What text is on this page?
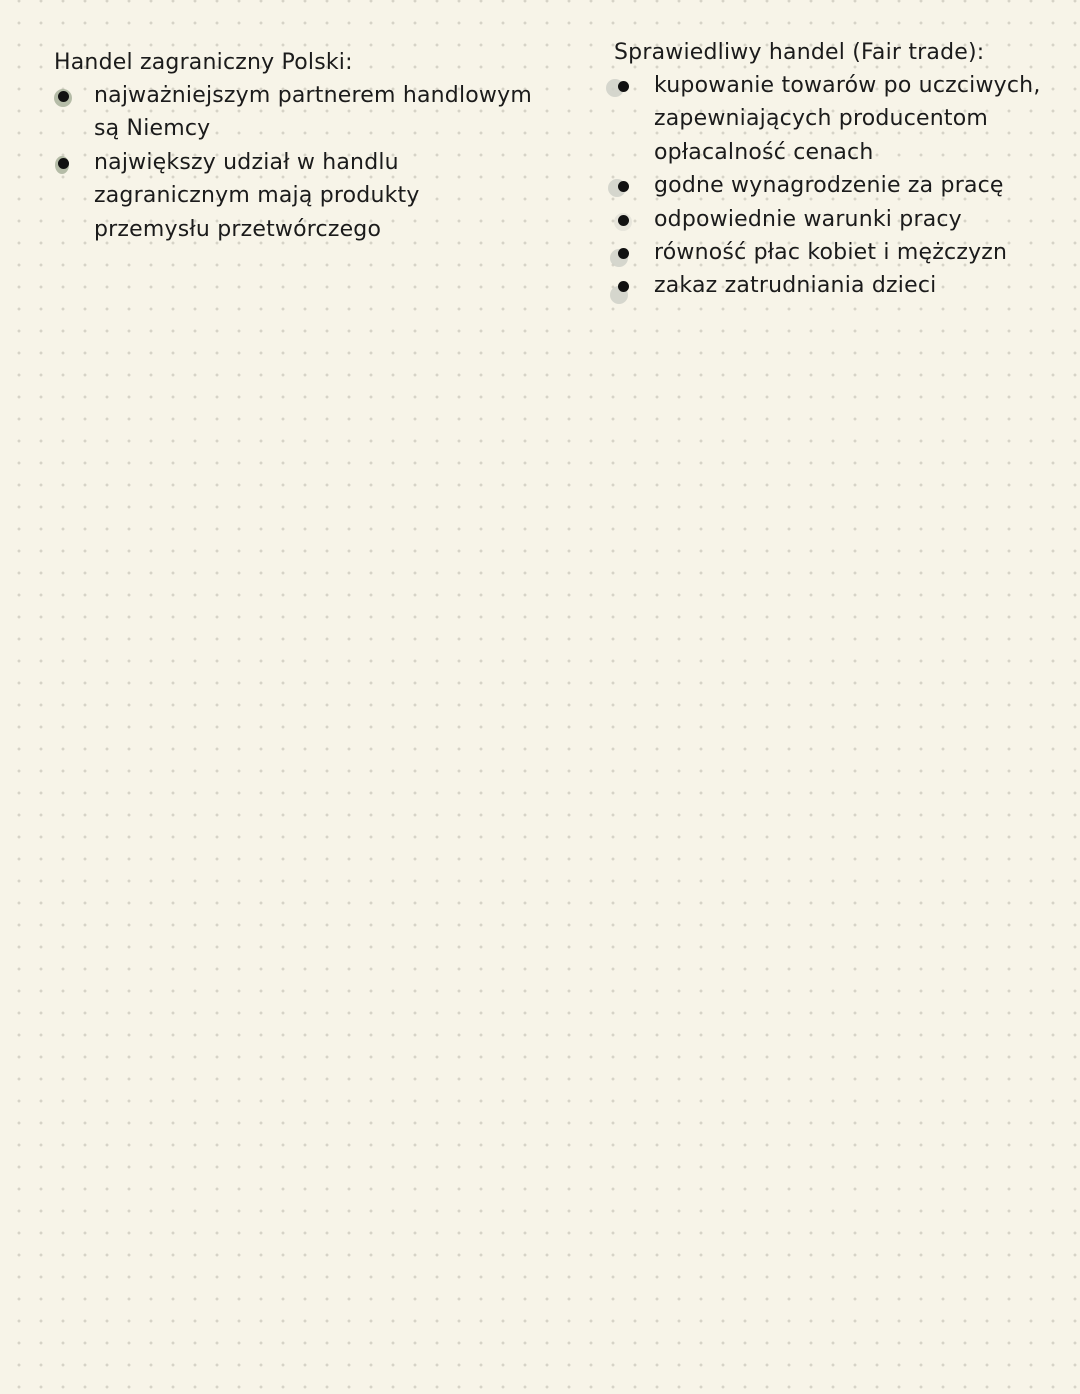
Handel zagraniczny Polski:
najważniejszym partnerem handlowym są Niemcy
największy udział w handlu zagranicznym mają produkty przemysłu przetwórczego
Sprawiedliwy handel (Fair trade):
kupowanie towarów po uczciwych, zapewniających producentom opłacalność cenach
godne wynagrodzenie za pracę
odpowiednie warunki pracy
równość płac kobiet i mężczyzn
zakaz zatrudniania dzieci
